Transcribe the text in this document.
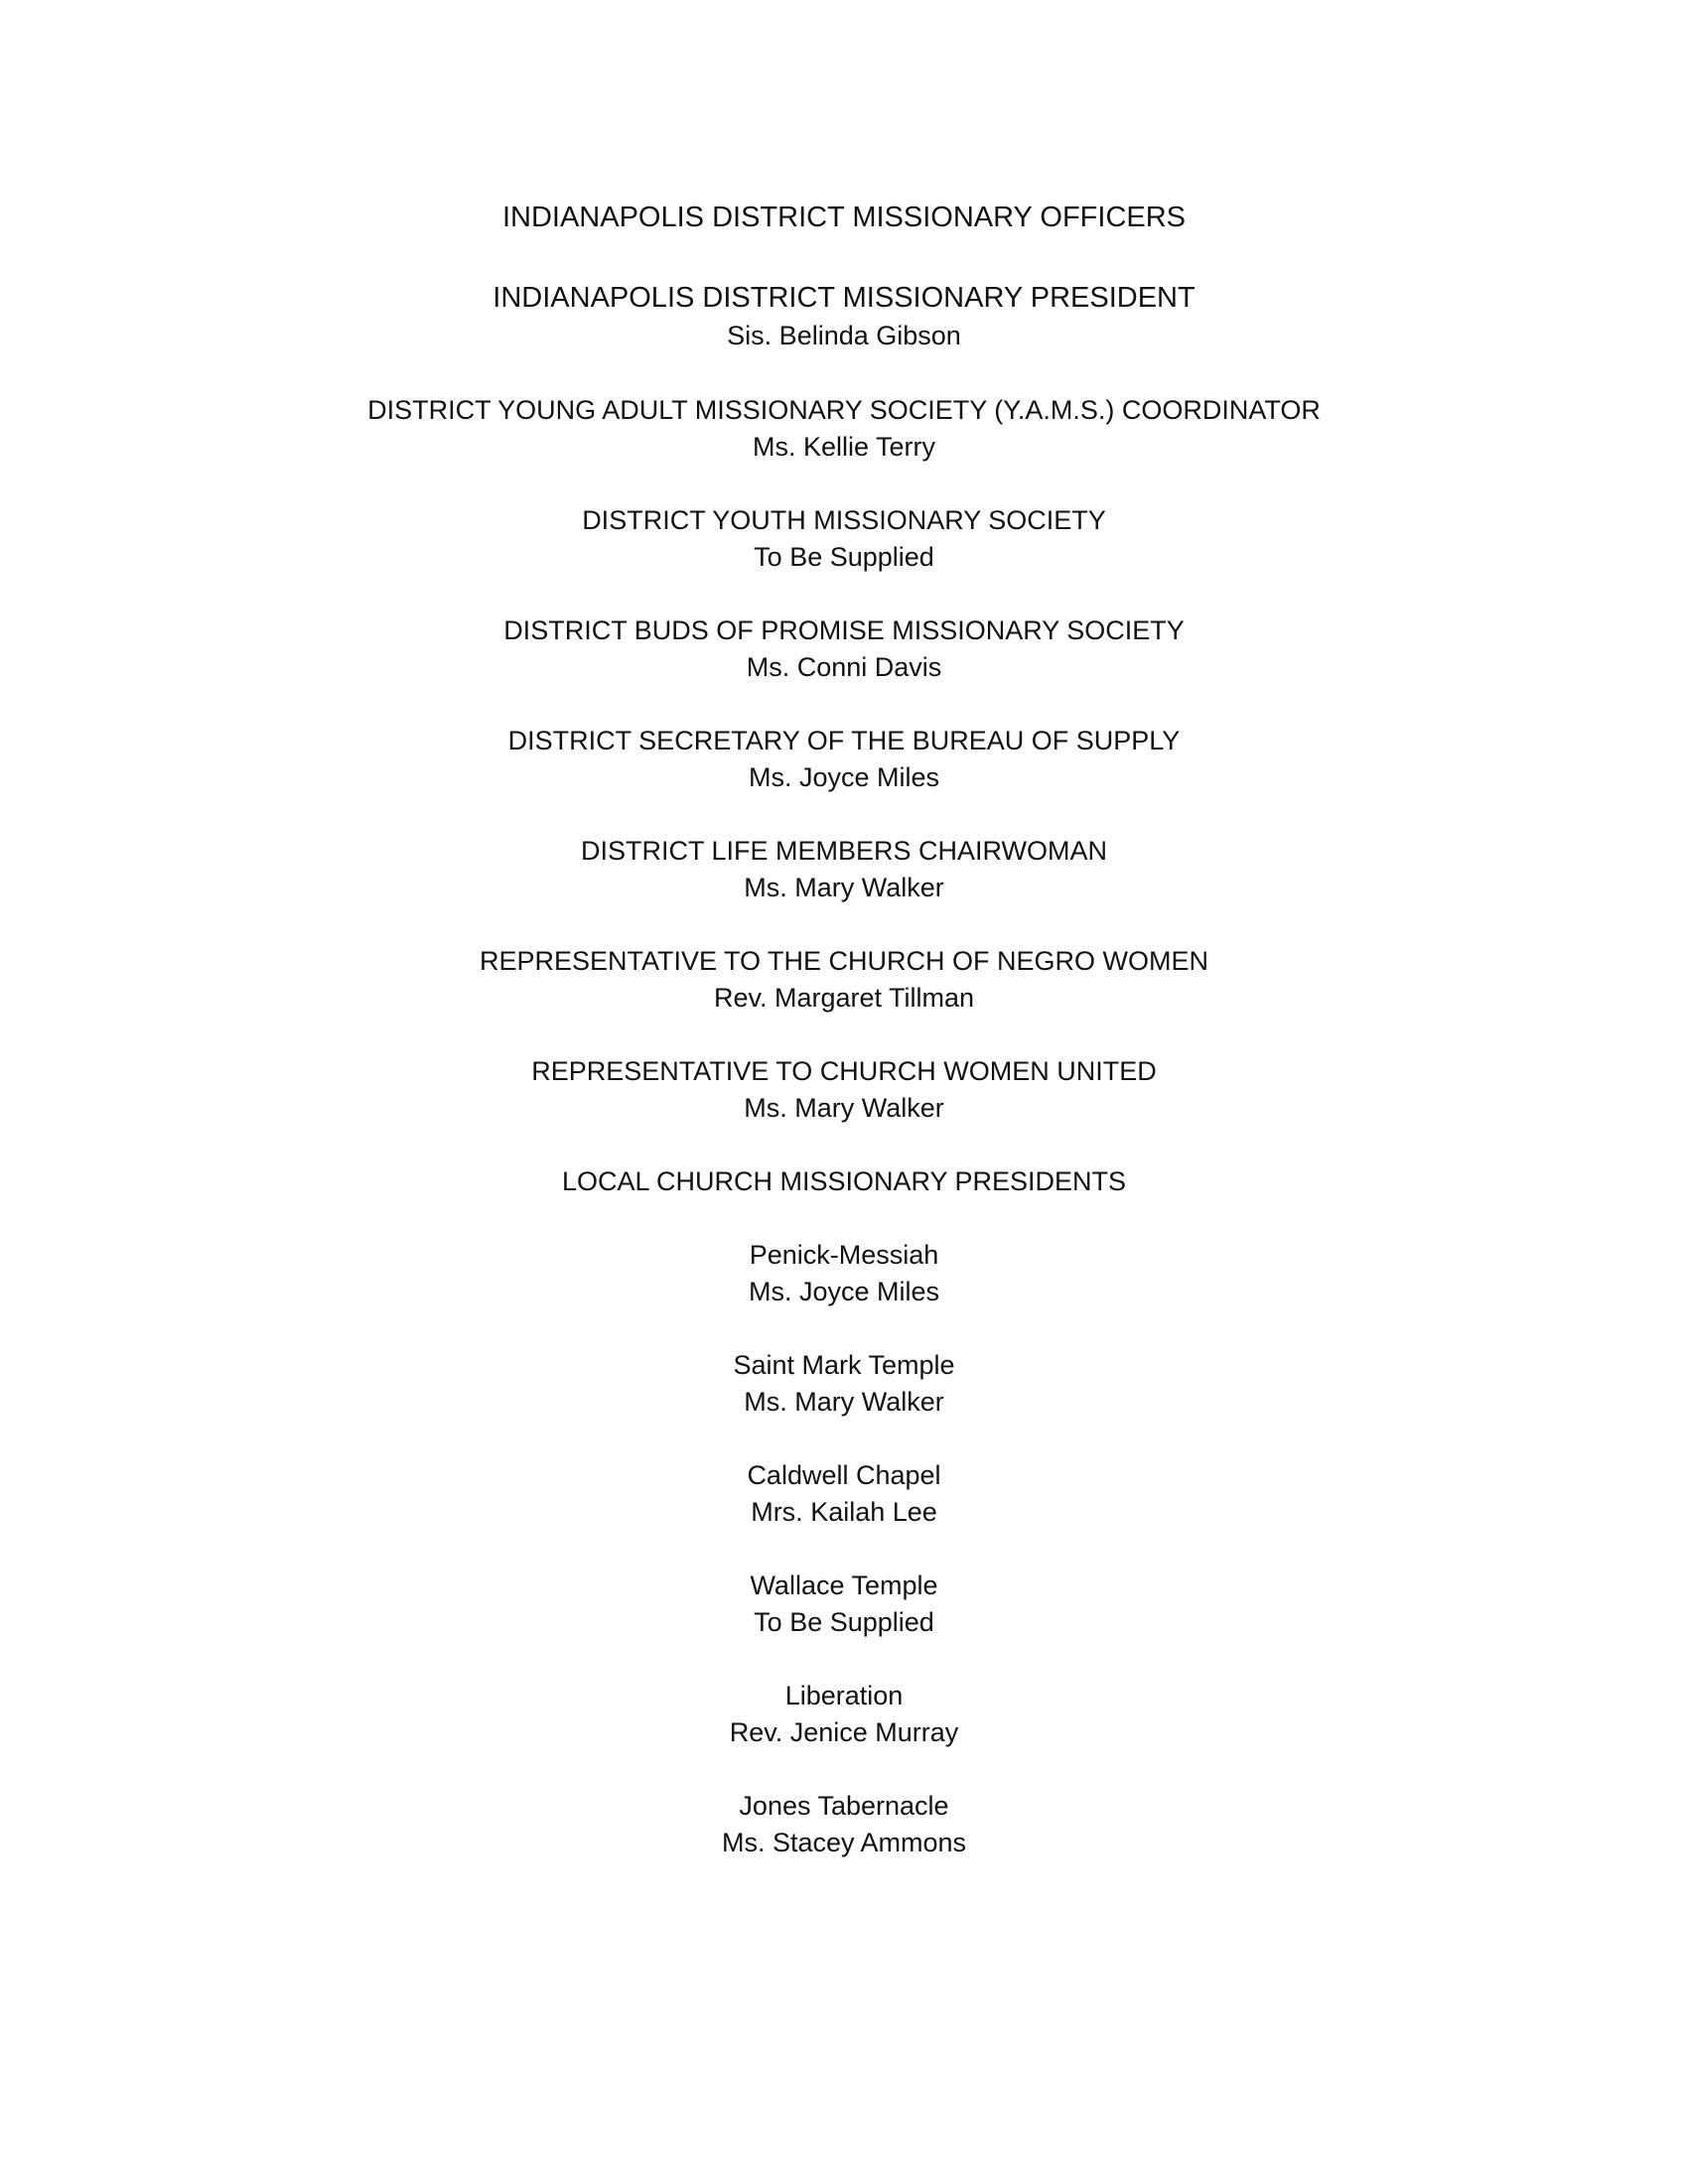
INDIANAPOLIS DISTRICT MISSIONARY OFFICERS
INDIANAPOLIS DISTRICT MISSIONARY PRESIDENT
Sis. Belinda Gibson
DISTRICT YOUNG ADULT MISSIONARY SOCIETY (Y.A.M.S.) COORDINATOR
Ms. Kellie Terry
DISTRICT YOUTH MISSIONARY SOCIETY
To Be Supplied
DISTRICT BUDS OF PROMISE MISSIONARY SOCIETY
Ms. Conni Davis
DISTRICT SECRETARY OF THE BUREAU OF SUPPLY
Ms. Joyce Miles
DISTRICT LIFE MEMBERS CHAIRWOMAN
Ms. Mary Walker
REPRESENTATIVE TO THE CHURCH OF NEGRO WOMEN
Rev. Margaret Tillman
REPRESENTATIVE TO CHURCH WOMEN UNITED
Ms. Mary Walker
LOCAL CHURCH MISSIONARY PRESIDENTS
Penick-Messiah
Ms. Joyce Miles
Saint Mark Temple
Ms. Mary Walker
Caldwell Chapel
Mrs. Kailah Lee
Wallace Temple
To Be Supplied
Liberation
Rev. Jenice Murray
Jones Tabernacle
Ms. Stacey Ammons
